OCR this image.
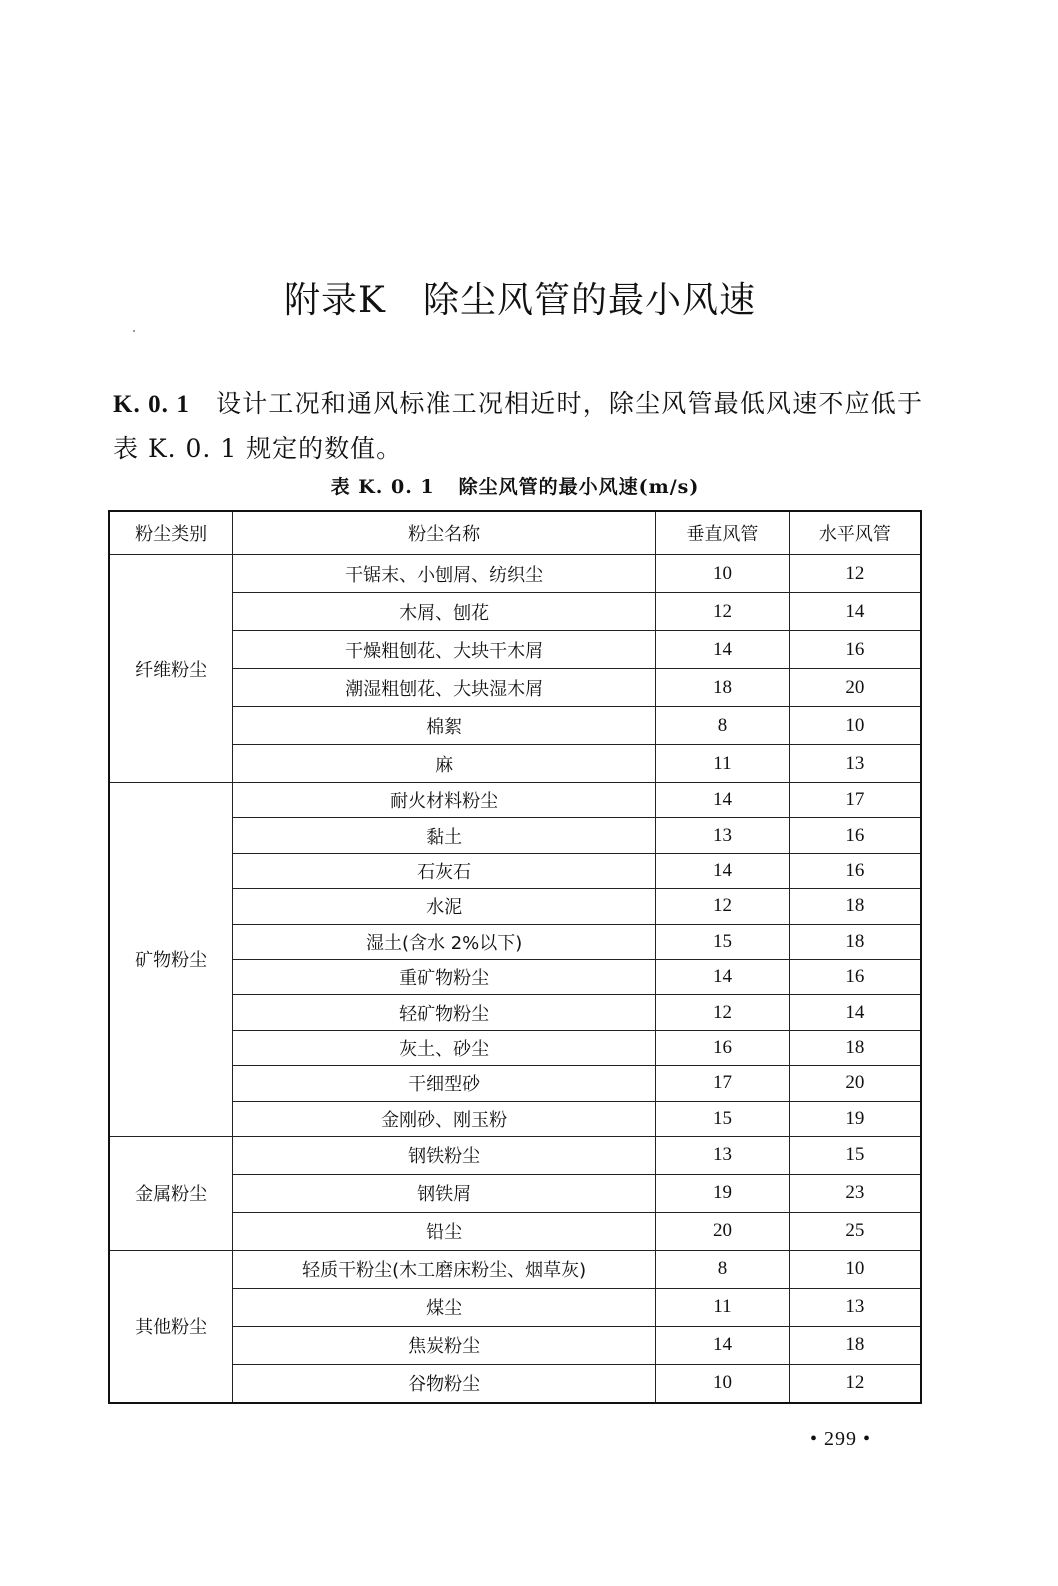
附录K　除尘风管的最小风速

K. 0. 1 设计工况和通风标准工况相近时，除尘风管最低风速不应低于表 K. 0. 1 规定的数值。

表 K. 0. 1 除尘风管的最小风速(m/s)
粉尘类别	粉尘名称	垂直风管	水平风管
纤维粉尘	干锯末、小刨屑、纺织尘	10	12
	木屑、刨花	12	14
	干燥粗刨花、大块干木屑	14	16
	潮湿粗刨花、大块湿木屑	18	20
	棉絮	8	10
	麻	11	13
矿物粉尘	耐火材料粉尘	14	17
	黏土	13	16
	石灰石	14	16
	水泥	12	18
	湿土(含水 2%以下)	15	18
	重矿物粉尘	14	16
	轻矿物粉尘	12	14
	灰土、砂尘	16	18
	干细型砂	17	20
	金刚砂、刚玉粉	15	19
金属粉尘	钢铁粉尘	13	15
	钢铁屑	19	23
	铅尘	20	25
其他粉尘	轻质干粉尘(木工磨床粉尘、烟草灰)	8	10
	煤尘	11	13
	焦炭粉尘	14	18
	谷物粉尘	10	12
• 299 •
